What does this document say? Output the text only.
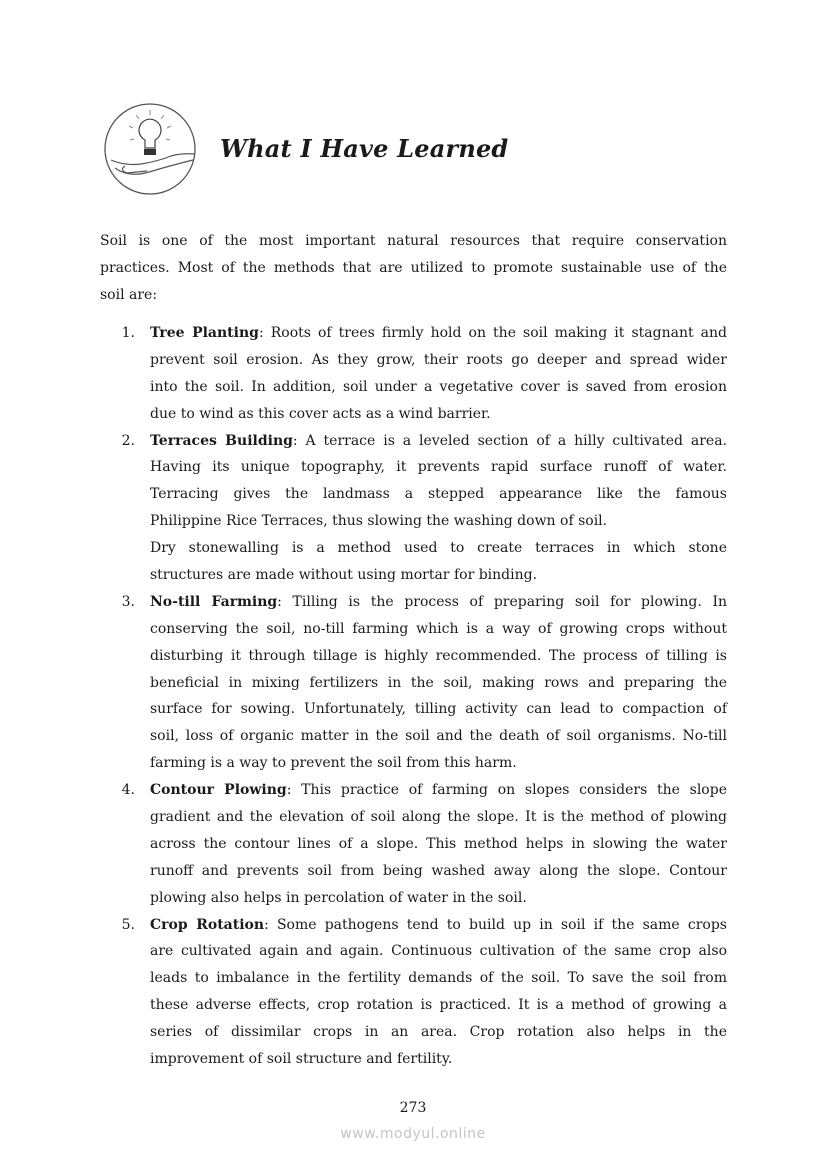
What I Have Learned
Soil is one of the most important natural resources that require conservation
practices. Most of the methods that are utilized to promote sustainable use of the
soil are:
1. Tree Planting: Roots of trees firmly hold on the soil making it stagnant and
prevent soil erosion. As they grow, their roots go deeper and spread wider
into the soil. In addition, soil under a vegetative cover is saved from erosion
due to wind as this cover acts as a wind barrier.
2. Terraces Building: A terrace is a leveled section of a hilly cultivated area.
Having its unique topography, it prevents rapid surface runoff of water.
Terracing gives the landmass a stepped appearance like the famous
Philippine Rice Terraces, thus slowing the washing down of soil.
Dry stonewalling is a method used to create terraces in which stone
structures are made without using mortar for binding.
3. No-till Farming: Tilling is the process of preparing soil for plowing. In
conserving the soil, no-till farming which is a way of growing crops without
disturbing it through tillage is highly recommended. The process of tilling is
beneficial in mixing fertilizers in the soil, making rows and preparing the
surface for sowing. Unfortunately, tilling activity can lead to compaction of
soil, loss of organic matter in the soil and the death of soil organisms. No-till
farming is a way to prevent the soil from this harm.
4. Contour Plowing: This practice of farming on slopes considers the slope
gradient and the elevation of soil along the slope. It is the method of plowing
across the contour lines of a slope. This method helps in slowing the water
runoff and prevents soil from being washed away along the slope. Contour
plowing also helps in percolation of water in the soil.
5. Crop Rotation: Some pathogens tend to build up in soil if the same crops
are cultivated again and again. Continuous cultivation of the same crop also
leads to imbalance in the fertility demands of the soil. To save the soil from
these adverse effects, crop rotation is practiced. It is a method of growing a
series of dissimilar crops in an area. Crop rotation also helps in the
improvement of soil structure and fertility.
273
www.modyul.online
